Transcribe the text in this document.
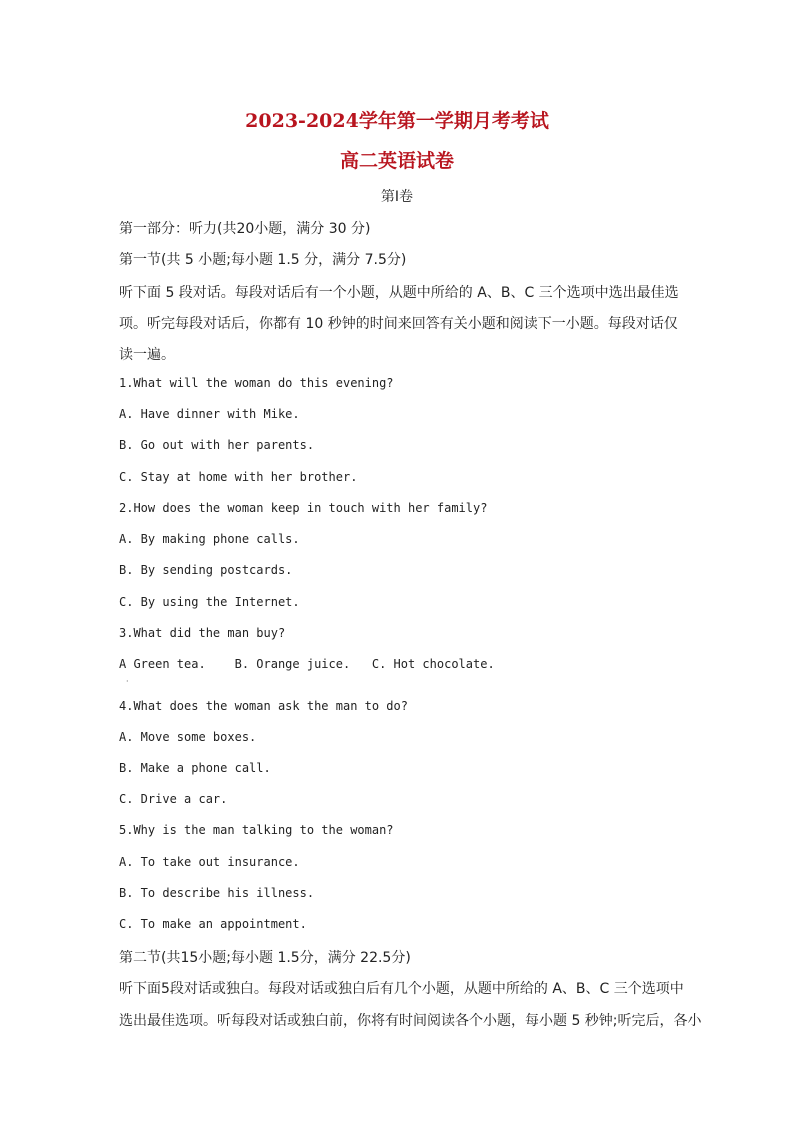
2023-2024学年第一学期月考考试
高二英语试卷
第Ⅰ卷
第一部分：听力(共20小题，满分 30 分)
第一节(共 5 小题;每小题 1.5 分，满分 7.5分)
听下面 5 段对话。每段对话后有一个小题，从题中所给的 A、B、C 三个选项中选出最佳选
项。听完每段对话后，你都有 10 秒钟的时间来回答有关小题和阅读下一小题。每段对话仅
读一遍。
1.What will the woman do this evening?
A. Have dinner with Mike.
B. Go out with her parents.
C. Stay at home with her brother.
2.How does the woman keep in touch with her family?
A. By making phone calls.
B. By sending postcards.
C. By using the Internet.
3.What did the man buy?
A Green tea.    B. Orange juice.   C. Hot chocolate.
·
4.What does the woman ask the man to do?
A. Move some boxes.
B. Make a phone call.
C. Drive a car.
5.Why is the man talking to the woman?
A. To take out insurance.
B. To describe his illness.
C. To make an appointment.
第二节(共15小题;每小题 1.5分，满分 22.5分)
听下面5段对话或独白。每段对话或独白后有几个小题，从题中所给的 A、B、C 三个选项中
选出最佳选项。听每段对话或独白前，你将有时间阅读各个小题，每小题 5 秒钟;听完后，各小
